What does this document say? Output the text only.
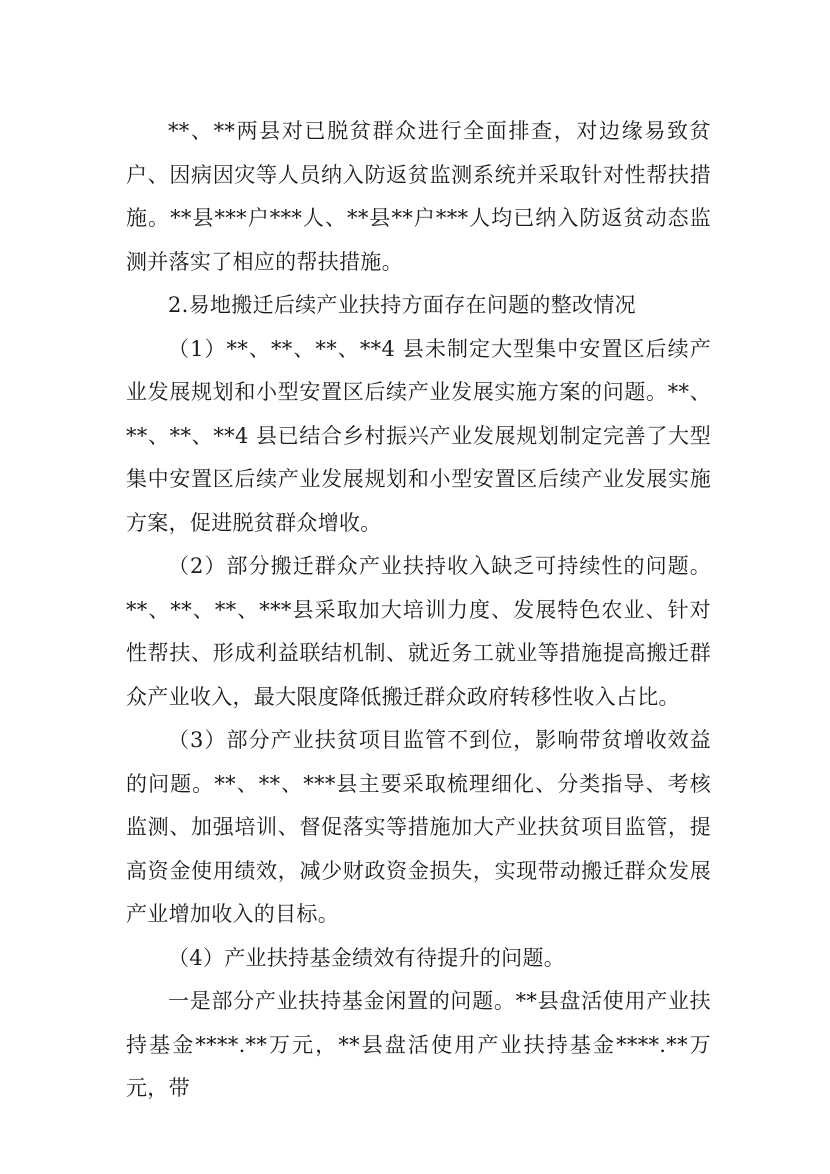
**、**两县对已脱贫群众进行全面排查，对边缘易致贫户、因病因灾等人员纳入防返贫监测系统并采取针对性帮扶措施。**县***户***人、**县**户***人均已纳入防返贫动态监测并落实了相应的帮扶措施。

2.易地搬迁后续产业扶持方面存在问题的整改情况

（1）**、**、**、**4 县未制定大型集中安置区后续产业发展规划和小型安置区后续产业发展实施方案的问题。**、**、**、**4 县已结合乡村振兴产业发展规划制定完善了大型集中安置区后续产业发展规划和小型安置区后续产业发展实施方案，促进脱贫群众增收。

（2）部分搬迁群众产业扶持收入缺乏可持续性的问题。**、**、**、***县采取加大培训力度、发展特色农业、针对性帮扶、形成利益联结机制、就近务工就业等措施提高搬迁群众产业收入，最大限度降低搬迁群众政府转移性收入占比。

（3）部分产业扶贫项目监管不到位，影响带贫增收效益的问题。**、**、***县主要采取梳理细化、分类指导、考核监测、加强培训、督促落实等措施加大产业扶贫项目监管，提高资金使用绩效，减少财政资金损失，实现带动搬迁群众发展产业增加收入的目标。

（4）产业扶持基金绩效有待提升的问题。

一是部分产业扶持基金闲置的问题。**县盘活使用产业扶持基金****.**万元，**县盘活使用产业扶持基金****.**万元，带
